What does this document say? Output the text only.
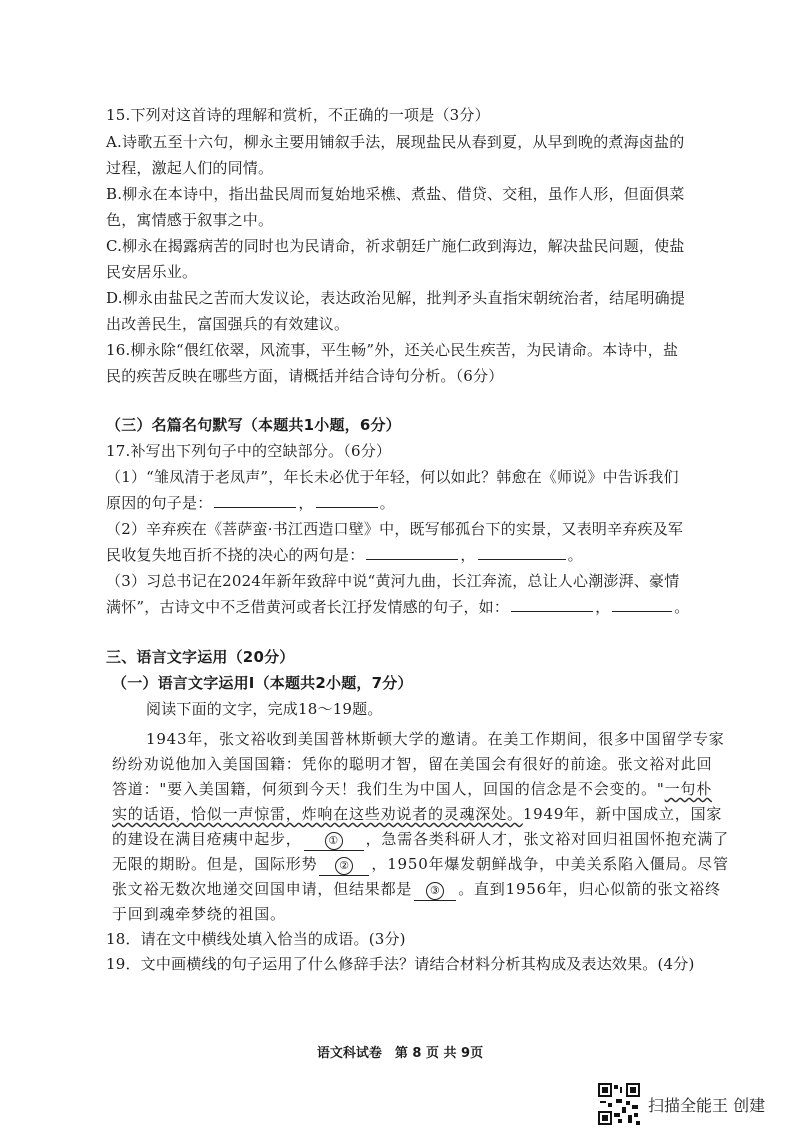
15.下列对这首诗的理解和赏析，不正确的一项是（3分）
A.诗歌五至十六句，柳永主要用铺叙手法，展现盐民从春到夏，从早到晚的煮海卤盐的
过程，激起人们的同情。
B.柳永在本诗中，指出盐民周而复始地采樵、煮盐、借贷、交租，虽作人形，但面俱菜
色，寓情感于叙事之中。
C.柳永在揭露病苦的同时也为民请命，祈求朝廷广施仁政到海边，解决盐民问题，使盐
民安居乐业。
D.柳永由盐民之苦而大发议论，表达政治见解，批判矛头直指宋朝统治者，结尾明确提
出改善民生，富国强兵的有效建议。
16.柳永除“偎红依翠，风流事，平生畅”外，还关心民生疾苦，为民请命。本诗中，盐
民的疾苦反映在哪些方面，请概括并结合诗句分析。（6分）
（三）名篇名句默写（本题共1小题，6分）
17.补写出下列句子中的空缺部分。（6分）
（1）“雏凤清于老凤声”，年长未必优于年轻，何以如此？韩愈在《师说》中告诉我们
原因的句子是：	，	。
（2）辛弃疾在《菩萨蛮·书江西造口壁》中，既写郁孤台下的实景，又表明辛弃疾及军
民收复失地百折不挠的决心的两句是：	，	。
（3）习总书记在2024年新年致辞中说“黄河九曲，长江奔流，总让人心潮澎湃、豪情
满怀”，古诗文中不乏借黄河或者长江抒发情感的句子，如：	，	。
三、语言文字运用（20分）
（一）语言文字运用Ⅰ（本题共2小题，7分）
阅读下面的文字，完成18～19题。
1943年，张文裕收到美国普林斯顿大学的邀请。在美工作期间，很多中国留学专家
纷纷劝说他加入美国国籍：凭你的聪明才智，留在美国会有很好的前途。张文裕对此回
答道："要入美国籍，何须到今天！我们生为中国人，回国的信念是不会变的。"一句朴
实的话语，恰似一声惊雷，炸响在这些劝说者的灵魂深处。1949年，新中国成立，国家
的建设在满目疮痍中起步， ① ，急需各类科研人才，张文裕对回归祖国怀抱充满了
无限的期盼。但是，国际形势 ② ，1950年爆发朝鲜战争，中美关系陷入僵局。尽管
张文裕无数次地递交回国申请，但结果都是 ③ 。直到1956年，归心似箭的张文裕终
于回到魂牵梦绕的祖国。
18．请在文中横线处填入恰当的成语。(3分)
19．文中画横线的句子运用了什么修辞手法？请结合材料分析其构成及表达效果。(4分)
语文科试卷　第 8 页 共 9页
扫描全能王 创建
